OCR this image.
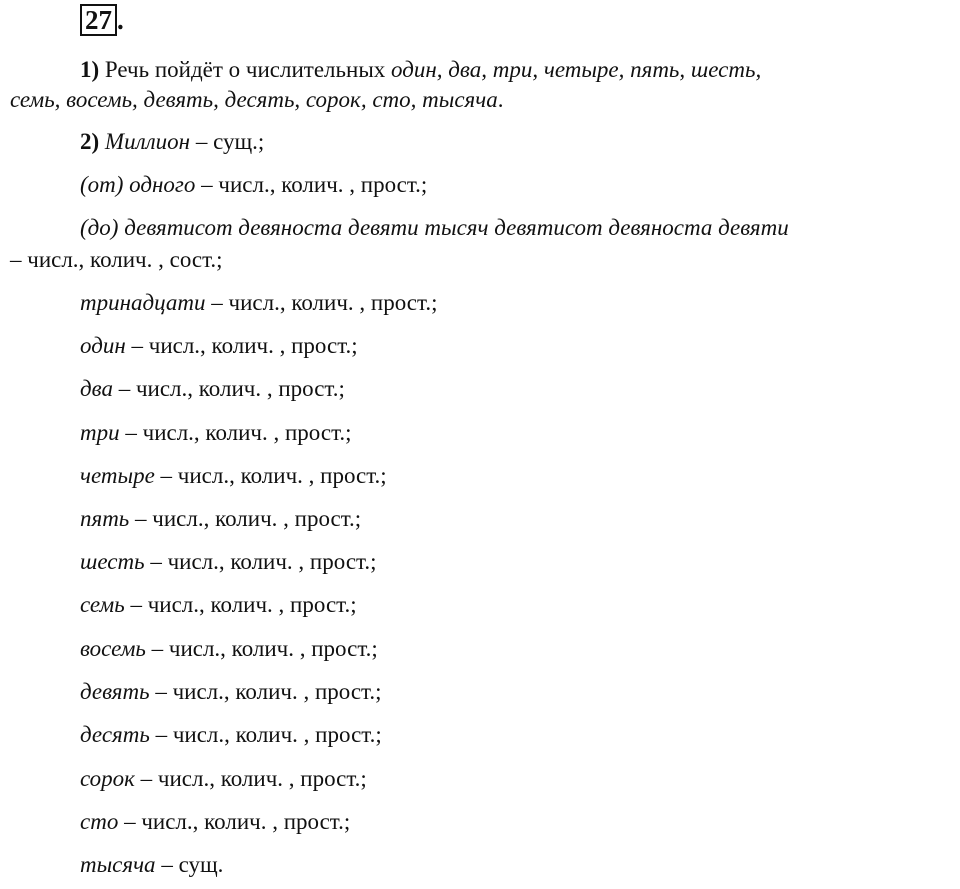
27 .
1) Речь пойдёт о числительных один, два, три, четыре, пять, шесть,
семь, восемь, девять, десять, сорок, сто, тысяча.
2) Миллион – сущ.;
(от) одного – числ., колич. , прост.;
(до) девятисот девяноста девяти тысяч девятисот девяноста девяти
– числ., колич. , сост.;
тринадцати – числ., колич. , прост.;
один – числ., колич. , прост.;
два – числ., колич. , прост.;
три – числ., колич. , прост.;
четыре – числ., колич. , прост.;
пять – числ., колич. , прост.;
шесть – числ., колич. , прост.;
семь – числ., колич. , прост.;
восемь – числ., колич. , прост.;
девять – числ., колич. , прост.;
десять – числ., колич. , прост.;
сорок – числ., колич. , прост.;
сто – числ., колич. , прост.;
тысяча – сущ.
